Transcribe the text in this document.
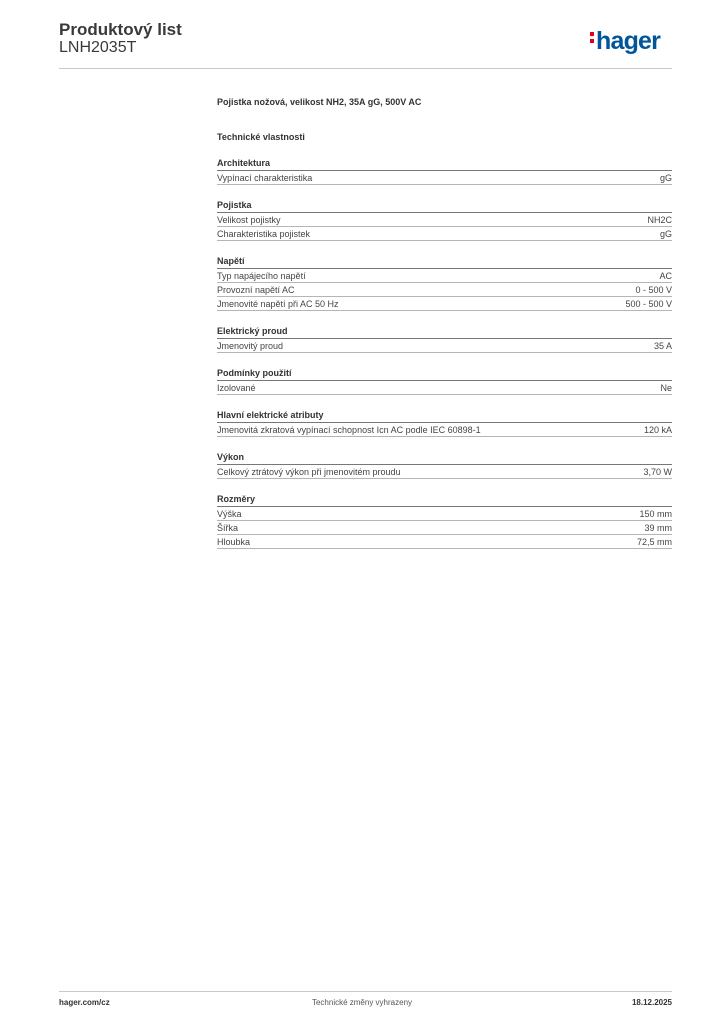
Produktový list
LNH2035T	hager
Pojistka nožová, velikost NH2, 35A gG, 500V AC
Technické vlastnosti
Architektura
Vypínací charakteristika	gG
Pojistka
Velikost pojistky	NH2C
Charakteristika pojistek	gG
Napětí
Typ napájecího napětí	AC
Provozní napětí AC	0 - 500 V
Jmenovité napětí při AC 50 Hz	500 - 500 V
Elektrický proud
Jmenovitý proud	35 A
Podmínky použití
Izolované	Ne
Hlavní elektrické atributy
Jmenovitá zkratová vypínací schopnost Icn AC podle IEC 60898-1	120 kA
Výkon
Celkový ztrátový výkon při jmenovitém proudu	3,70 W
Rozměry
Výška	150 mm
Šířka	39 mm
Hloubka	72,5 mm
hager.com/cz	Technické změny vyhrazeny	18.12.2025
